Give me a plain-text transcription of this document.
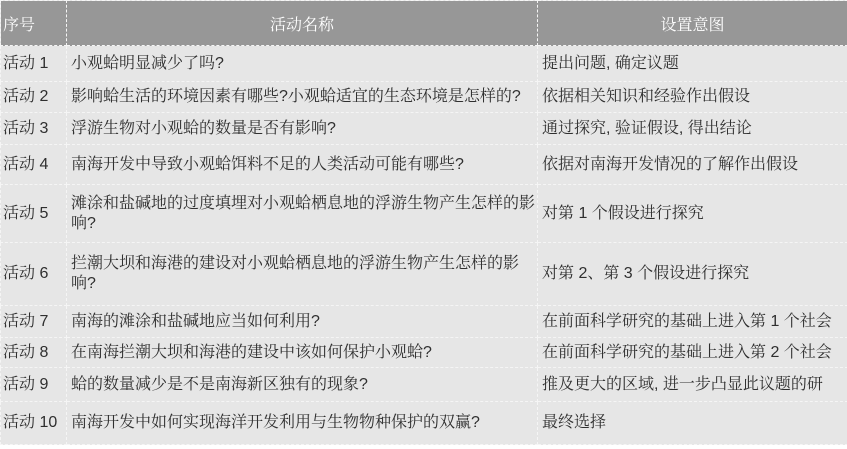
序号	活动名称	设置意图
活动 1	小观蛤明显减少了吗?	提出问题, 确定议题
活动 2	影响蛤生活的环境因素有哪些?小观蛤适宜的生态环境是怎样的?	依据相关知识和经验作出假设
活动 3	浮游生物对小观蛤的数量是否有影响?	通过探究, 验证假设, 得出结论
活动 4	南海开发中导致小观蛤饵料不足的人类活动可能有哪些?	依据对南海开发情况的了解作出假设
活动 5	滩涂和盐碱地的过度填埋对小观蛤栖息地的浮游生物产生怎样的影响?	对第 1 个假设进行探究
活动 6	拦潮大坝和海港的建设对小观蛤栖息地的浮游生物产生怎样的影响?	对第 2、第 3 个假设进行探究
活动 7	南海的滩涂和盐碱地应当如何利用?	在前面科学研究的基础上进入第 1 个社会
活动 8	在南海拦潮大坝和海港的建设中该如何保护小观蛤?	在前面科学研究的基础上进入第 2 个社会
活动 9	蛤的数量减少是不是南海新区独有的现象?	推及更大的区域, 进一步凸显此议题的研
活动 10	南海开发中如何实现海洋开发利用与生物物种保护的双赢?	最终选择
